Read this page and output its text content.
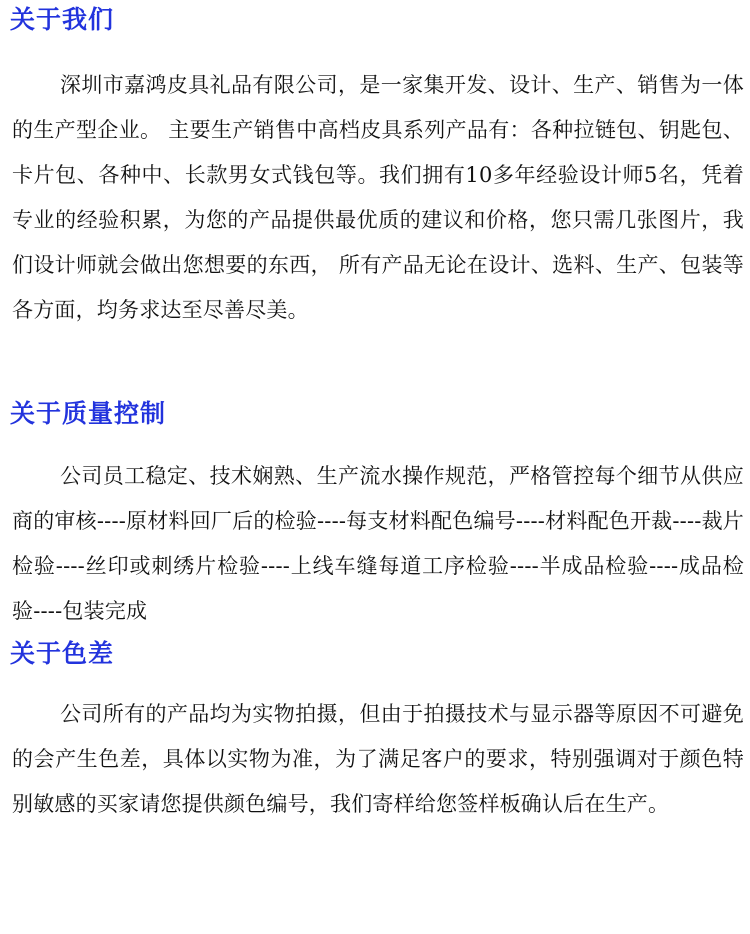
关于我们

深圳市嘉鸿皮具礼品有限公司，是一家集开发、设计、生产、销售为一体的生产型企业。 主要生产销售中高档皮具系列产品有：各种拉链包、钥匙包、卡片包、各种中、长款男女式钱包等。我们拥有10多年经验设计师5名，凭着专业的经验积累，为您的产品提供最优质的建议和价格，您只需几张图片，我们设计师就会做出您想要的东西， 所有产品无论在设计、选料、生产、包装等各方面，均务求达至尽善尽美。

关于质量控制

公司员工稳定、技术娴熟、生产流水操作规范，严格管控每个细节从供应商的审核----原材料回厂后的检验----每支材料配色编号----材料配色开裁----裁片检验----丝印或刺绣片检验----上线车缝每道工序检验----半成品检验----成品检验----包装完成

关于色差

公司所有的产品均为实物拍摄，但由于拍摄技术与显示器等原因不可避免的会产生色差，具体以实物为准，为了满足客户的要求，特别强调对于颜色特别敏感的买家请您提供颜色编号，我们寄样给您签样板确认后在生产。
